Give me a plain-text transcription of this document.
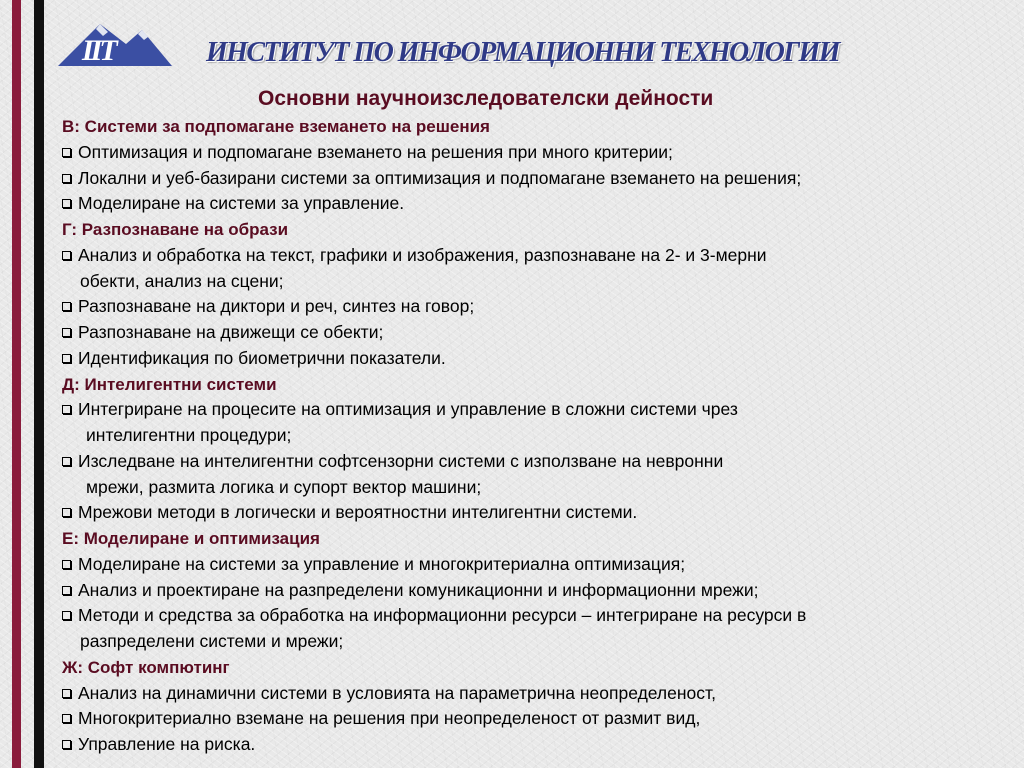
IIT	ИНСТИТУТ ПО ИНФОРМАЦИОННИ ТЕХНОЛОГИИ
Основни научноизследователски дейности
В: Системи за подпомагане вземането на решения
Оптимизация и подпомагане вземането на решения при много критерии;
Локални и уеб-базирани системи за оптимизация и подпомагане вземането на решения;
Моделиране на системи за управление.
Г: Разпознаване на образи
Анализ и обработка на текст, графики и изображения, разпознаване на 2- и 3-мерни
обекти, анализ на сцени;
Разпознаване на диктори и реч, синтез на говор;
Разпознаване на движещи се обекти;
Идентификация по биометрични показатели.
Д: Интелигентни системи
Интегриране на процесите на оптимизация и управление в сложни системи чрез
интелигентни процедури;
Изследване на интелигентни софтсензорни системи с използване на невронни
мрежи, размита логика и супорт вектор машини;
Мрежови методи в логически и вероятностни интелигентни системи.
Е: Моделиране и оптимизация
Моделиране на системи за управление и многокритериална оптимизация;
Анализ и проектиране на разпределени комуникационни и информационни мрежи;
Методи и средства за обработка на информационни ресурси – интегриране на ресурси в
разпределени системи и мрежи;
Ж: Софт компютинг
Анализ на динамични системи в условията на параметрична неопределеност,
Многокритериално вземане на решения при неопределеност от размит вид,
Управление на риска.
